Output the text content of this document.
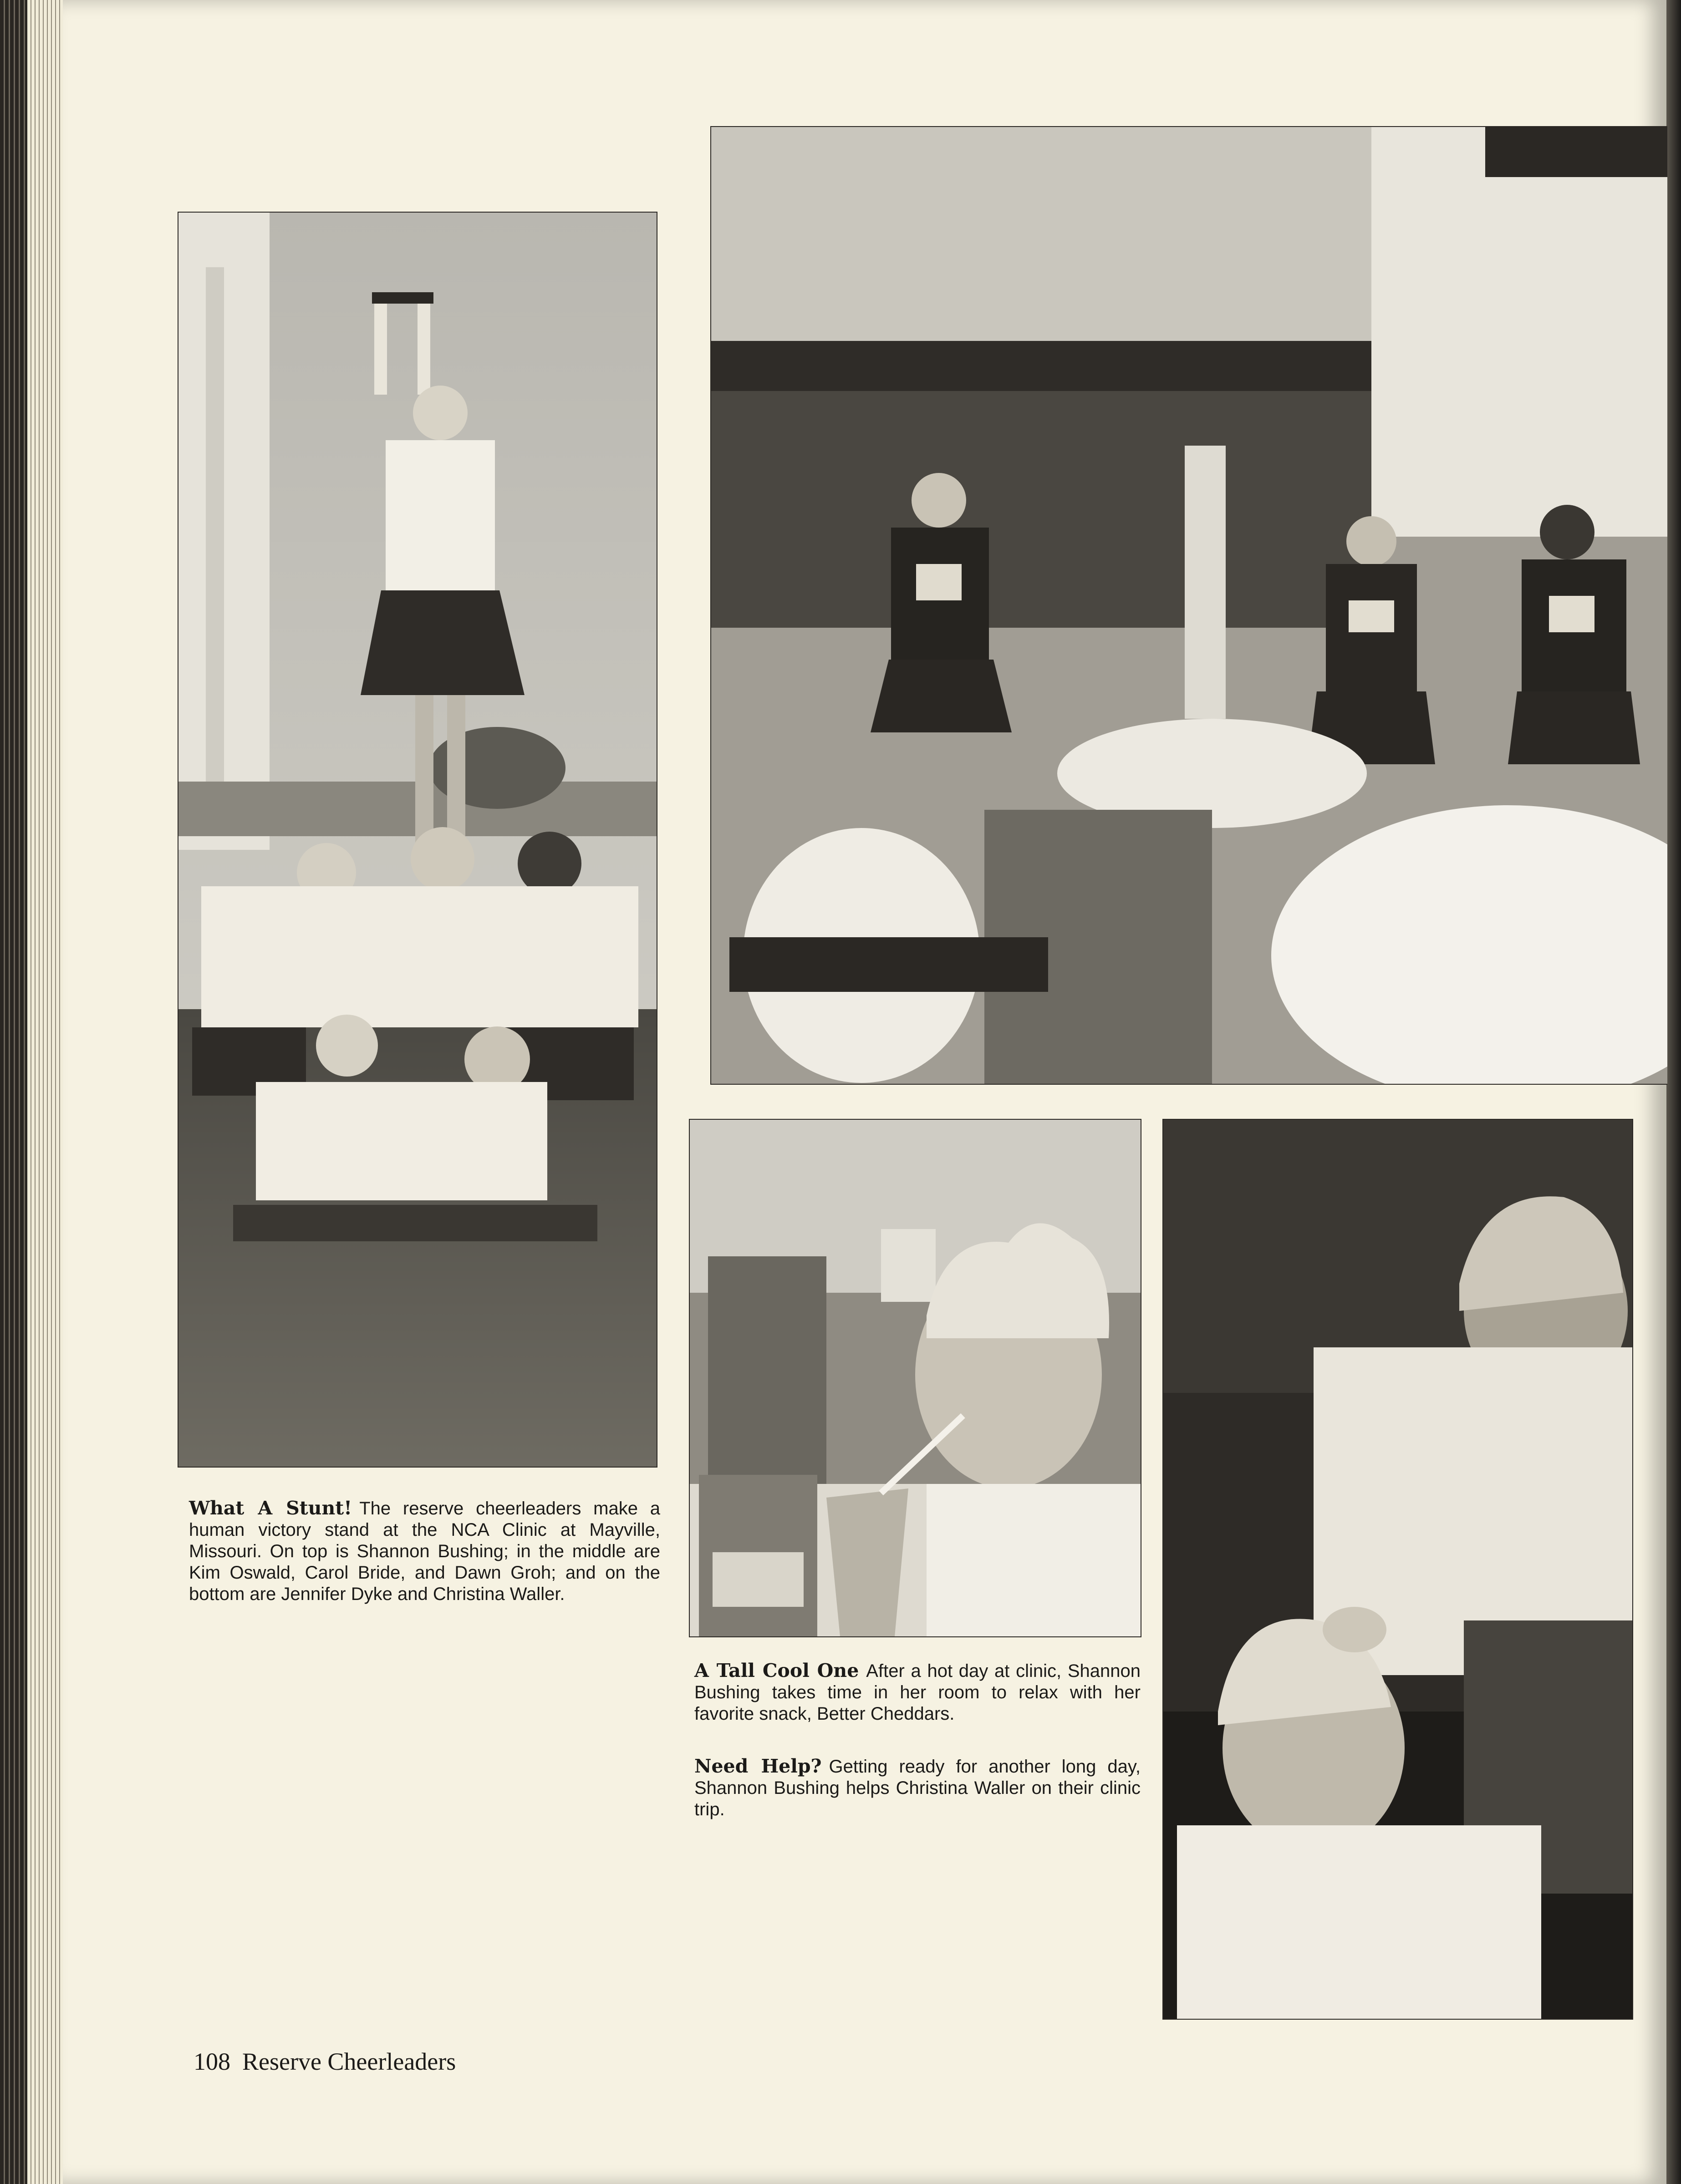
What A Stunt! The reserve cheerleaders make a human victory stand at the NCA Clinic at Mayville, Missouri. On top is Shannon Bushing; in the middle are Kim Oswald, Carol Bride, and Dawn Groh; and on the bottom are Jennifer Dyke and Christina Waller.

A Tall Cool One After a hot day at clinic, Shannon Bushing takes time in her room to relax with her favorite snack, Better Cheddars.

Need Help? Getting ready for another long day, Shannon Bushing helps Christina Waller on their clinic trip.

108 Reserve Cheerleaders
